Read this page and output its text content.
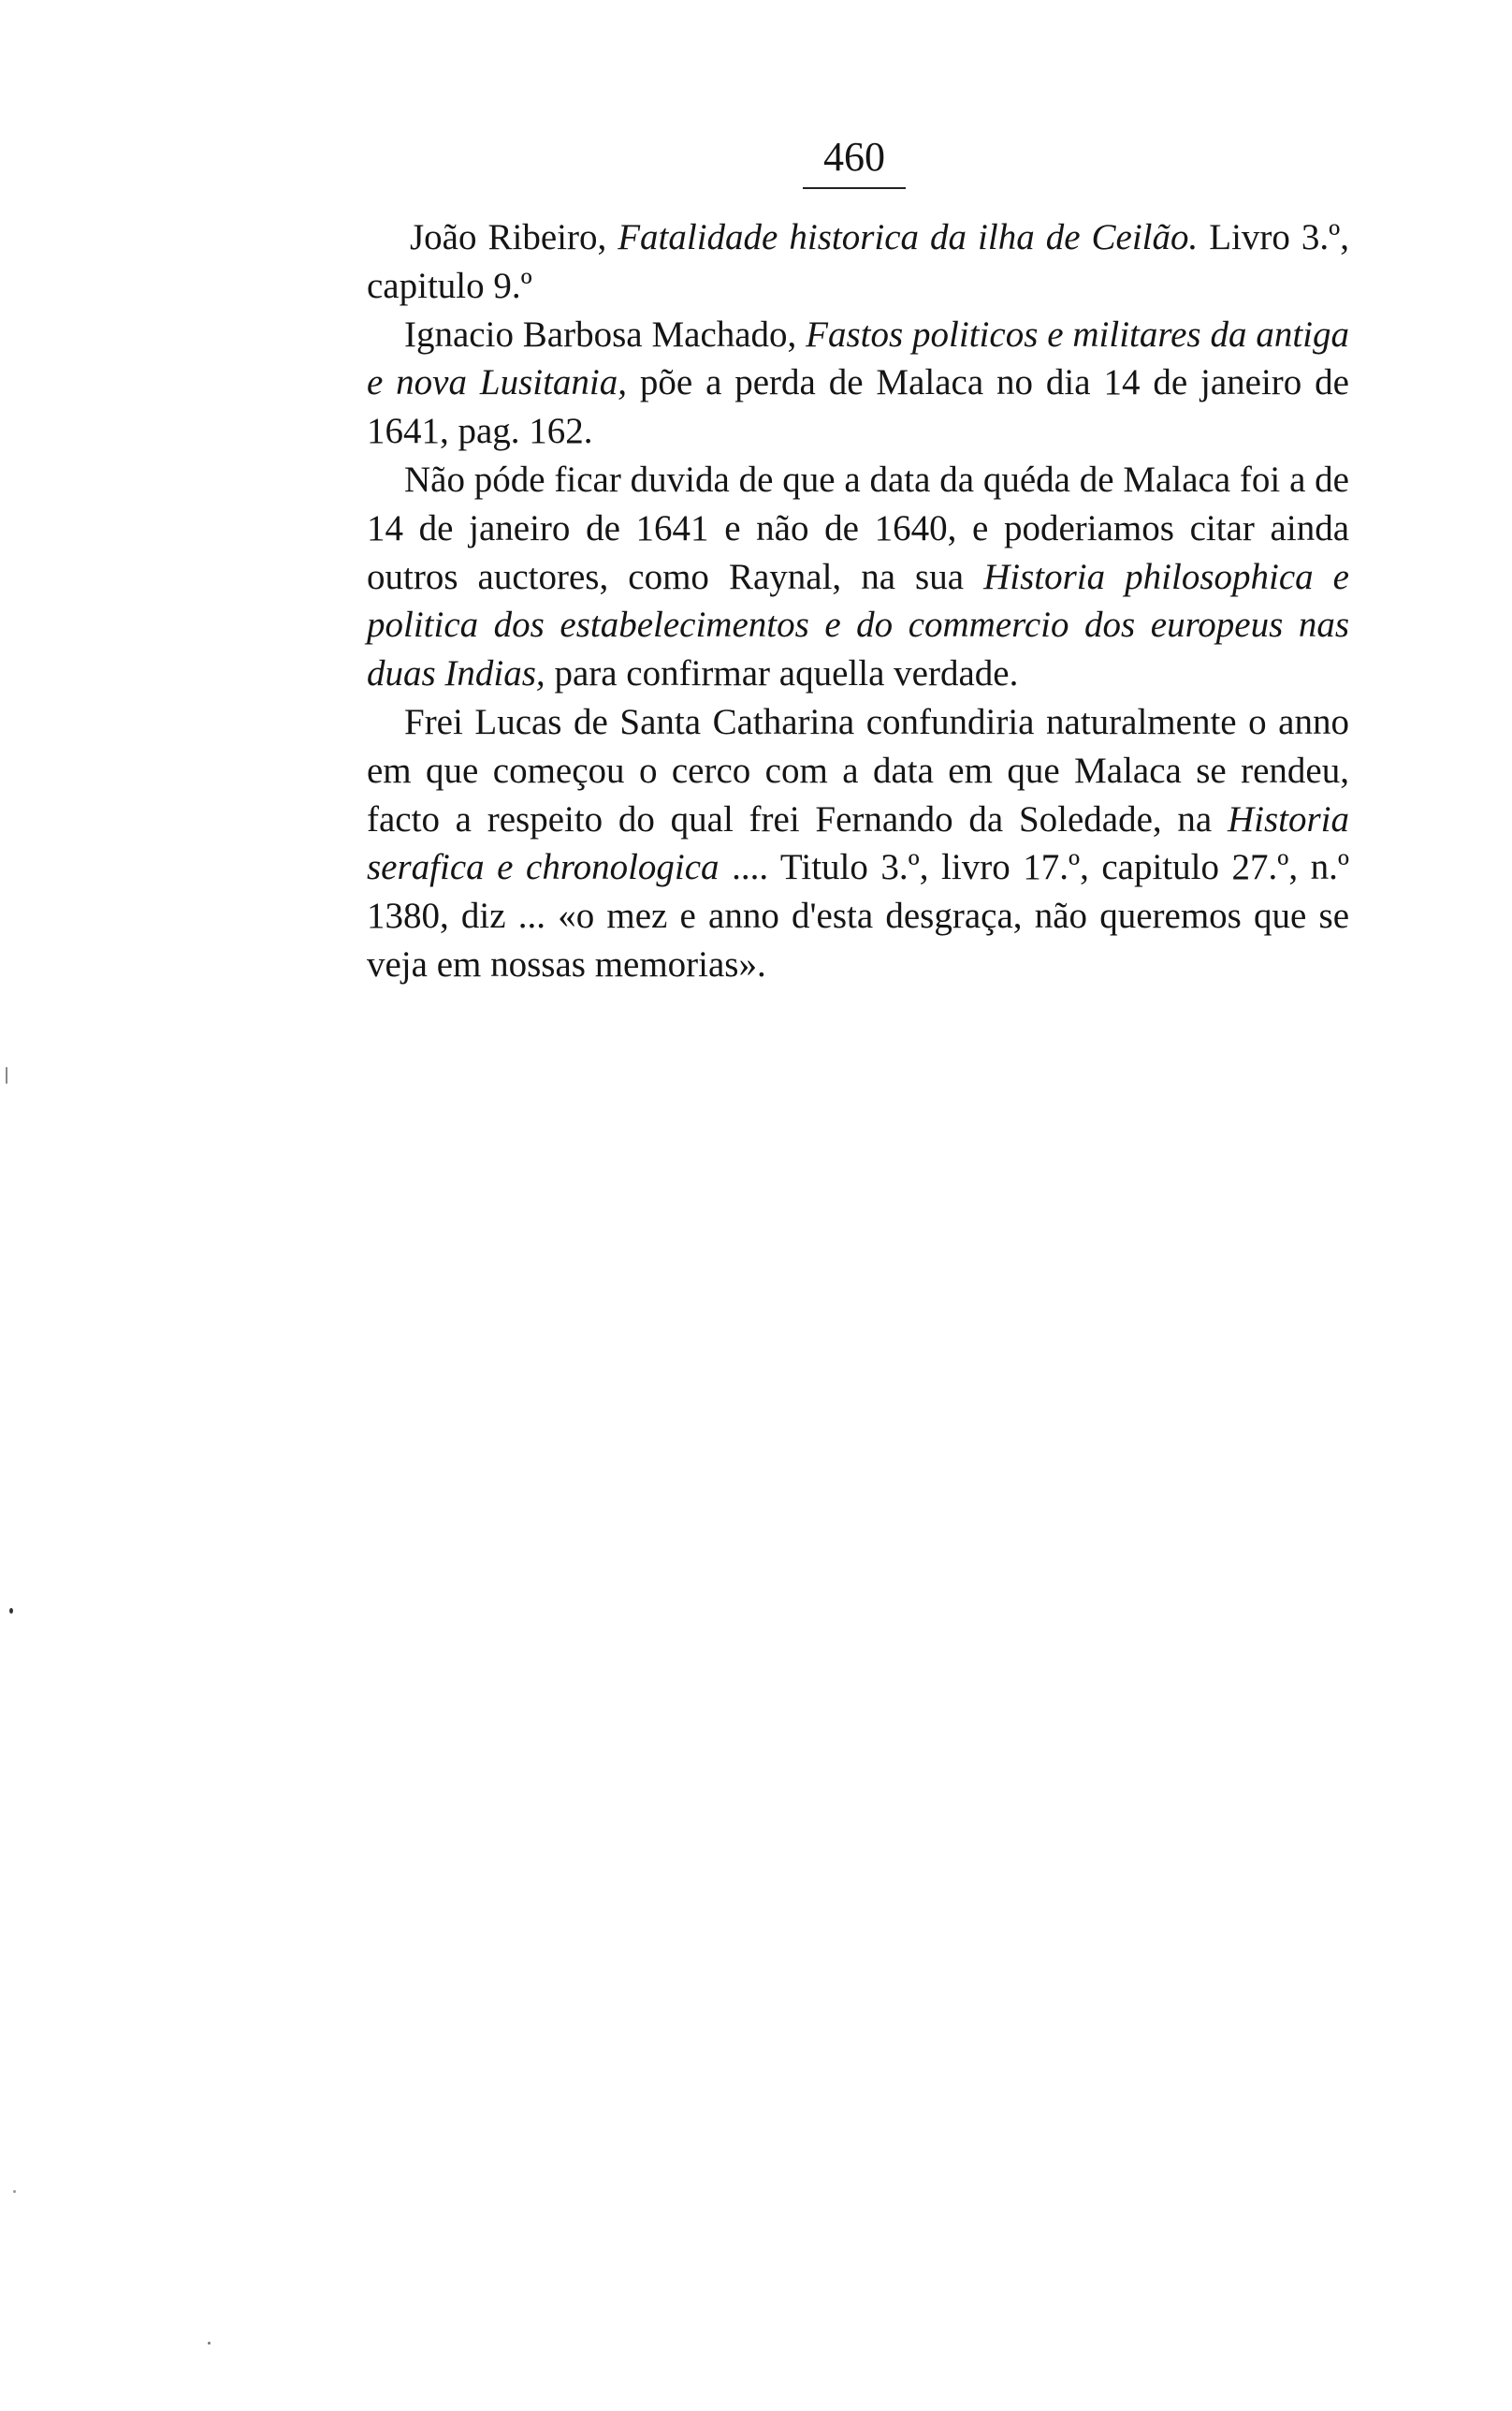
460

João Ribeiro, Fatalidade historica da ilha de Ceilão. Livro 3.º, capitulo 9.º

Ignacio Barbosa Machado, Fastos politicos e militares da antiga e nova Lusitania, põe a perda de Malaca no dia 14 de janeiro de 1641, pag. 162.

Não póde ficar duvida de que a data da quéda de Malaca foi a de 14 de janeiro de 1641 e não de 1640, e poderiamos citar ainda outros auctores, como Raynal, na sua Historia philosophica e politica dos estabelecimentos e do commercio dos europeus nas duas Indias, para confirmar aquella verdade.

Frei Lucas de Santa Catharina confundiria naturalmente o anno em que começou o cerco com a data em que Malaca se rendeu, facto a respeito do qual frei Fernando da Soledade, na Historia serafica e chronologica .... Titulo 3.º, livro 17.º, capitulo 27.º, n.º 1380, diz ... «o mez e anno d'esta desgraça, não queremos que se veja em nossas memorias».
